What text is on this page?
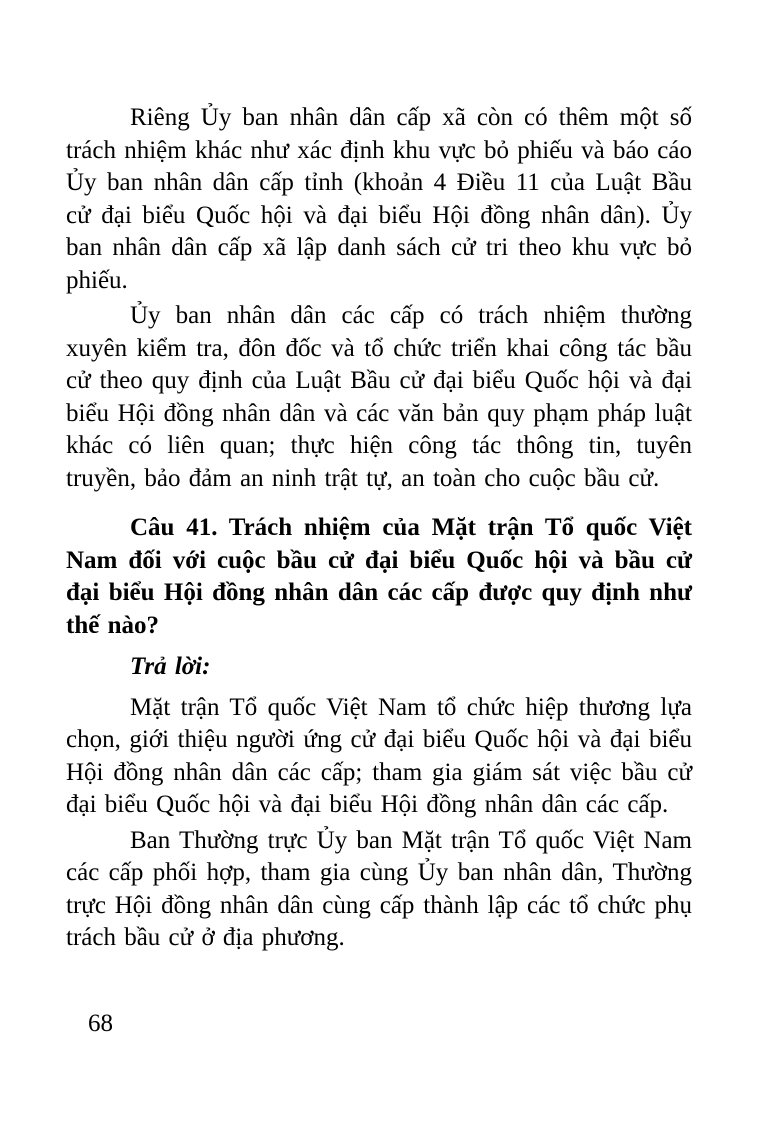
Riêng Ủy ban nhân dân cấp xã còn có thêm một số trách nhiệm khác như xác định khu vực bỏ phiếu và báo cáo Ủy ban nhân dân cấp tỉnh (khoản 4 Điều 11 của Luật Bầu cử đại biểu Quốc hội và đại biểu Hội đồng nhân dân). Ủy ban nhân dân cấp xã lập danh sách cử tri theo khu vực bỏ phiếu.

Ủy ban nhân dân các cấp có trách nhiệm thường xuyên kiểm tra, đôn đốc và tổ chức triển khai công tác bầu cử theo quy định của Luật Bầu cử đại biểu Quốc hội và đại biểu Hội đồng nhân dân và các văn bản quy phạm pháp luật khác có liên quan; thực hiện công tác thông tin, tuyên truyền, bảo đảm an ninh trật tự, an toàn cho cuộc bầu cử.

Câu 41. Trách nhiệm của Mặt trận Tổ quốc Việt Nam đối với cuộc bầu cử đại biểu Quốc hội và bầu cử đại biểu Hội đồng nhân dân các cấp được quy định như thế nào?

Trả lời:

Mặt trận Tổ quốc Việt Nam tổ chức hiệp thương lựa chọn, giới thiệu người ứng cử đại biểu Quốc hội và đại biểu Hội đồng nhân dân các cấp; tham gia giám sát việc bầu cử đại biểu Quốc hội và đại biểu Hội đồng nhân dân các cấp.

Ban Thường trực Ủy ban Mặt trận Tổ quốc Việt Nam các cấp phối hợp, tham gia cùng Ủy ban nhân dân, Thường trực Hội đồng nhân dân cùng cấp thành lập các tổ chức phụ trách bầu cử ở địa phương.

68
